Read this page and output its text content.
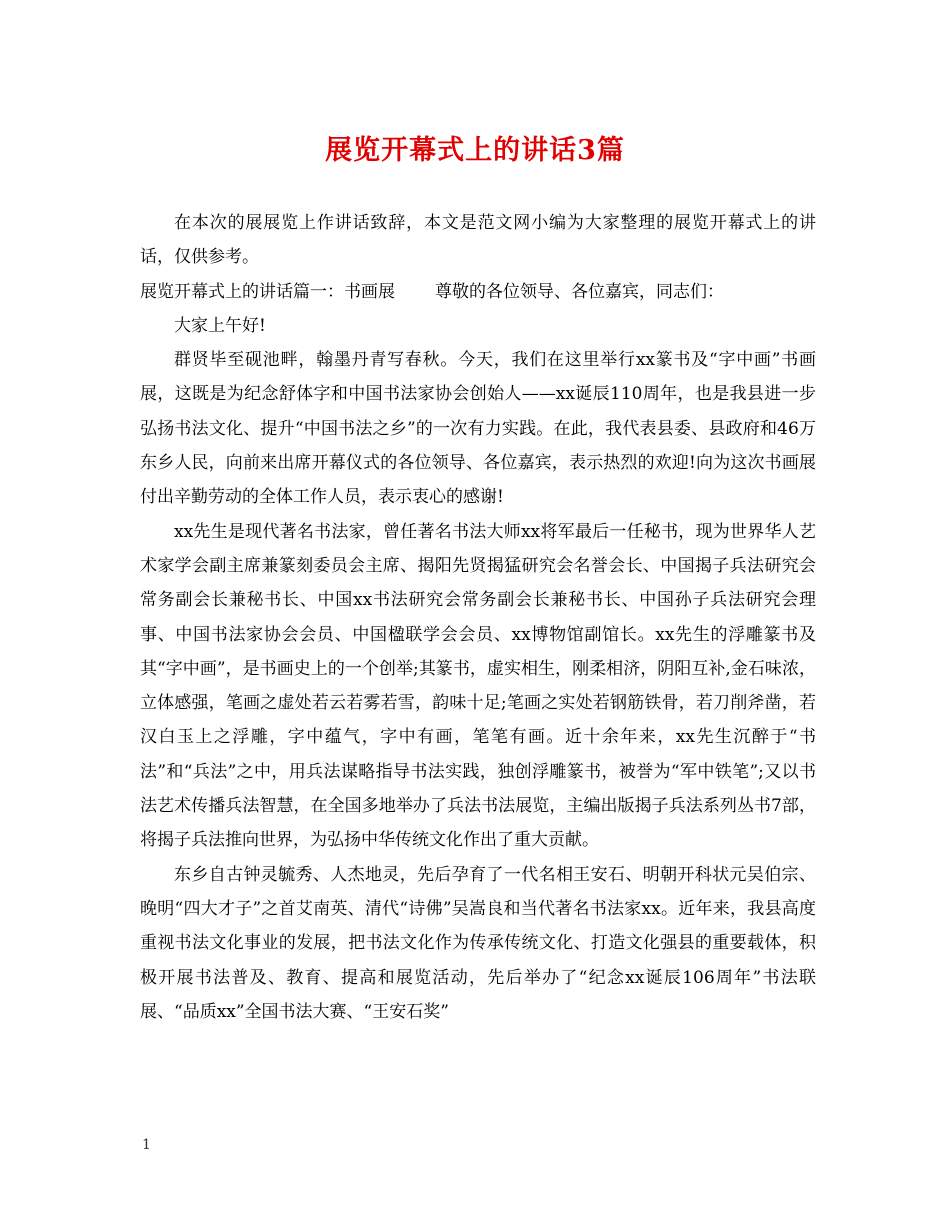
展览开幕式上的讲话3篇

在本次的展展览上作讲话致辞，本文是范文网小编为大家整理的展览开幕式上的讲话，仅供参考。

展览开幕式上的讲话篇一：书画展 尊敬的各位领导、各位嘉宾，同志们：

大家上午好!

群贤毕至砚池畔，翰墨丹青写春秋。今天，我们在这里举行xx篆书及“字中画”书画展，这既是为纪念舒体字和中国书法家协会创始人——xx诞辰110周年，也是我县进一步弘扬书法文化、提升“中国书法之乡”的一次有力实践。在此，我代表县委、县政府和46万东乡人民，向前来出席开幕仪式的各位领导、各位嘉宾，表示热烈的欢迎!向为这次书画展付出辛勤劳动的全体工作人员，表示衷心的感谢!

xx先生是现代著名书法家，曾任著名书法大师xx将军最后一任秘书，现为世界华人艺术家学会副主席兼篆刻委员会主席、揭阳先贤揭猛研究会名誉会长、中国揭子兵法研究会常务副会长兼秘书长、中国xx书法研究会常务副会长兼秘书长、中国孙子兵法研究会理事、中国书法家协会会员、中国楹联学会会员、xx博物馆副馆长。xx先生的浮雕篆书及其“字中画”，是书画史上的一个创举;其篆书，虚实相生，刚柔相济，阴阳互补,金石味浓，立体感强，笔画之虚处若云若雾若雪，韵味十足;笔画之实处若钢筋铁骨，若刀削斧凿，若汉白玉上之浮雕，字中蕴气，字中有画，笔笔有画。近十余年来，xx先生沉醉于“书法”和“兵法”之中，用兵法谋略指导书法实践，独创浮雕篆书，被誉为“军中铁笔”;又以书法艺术传播兵法智慧，在全国多地举办了兵法书法展览，主编出版揭子兵法系列丛书7部，将揭子兵法推向世界，为弘扬中华传统文化作出了重大贡献。

东乡自古钟灵毓秀、人杰地灵，先后孕育了一代名相王安石、明朝开科状元吴伯宗、晚明“四大才子”之首艾南英、清代“诗佛”吴嵩良和当代著名书法家xx。近年来，我县高度重视书法文化事业的发展，把书法文化作为传承传统文化、打造文化强县的重要载体，积极开展书法普及、教育、提高和展览活动，先后举办了“纪念xx诞辰106周年”书法联展、“品质xx”全国书法大赛、“王安石奖”

1
